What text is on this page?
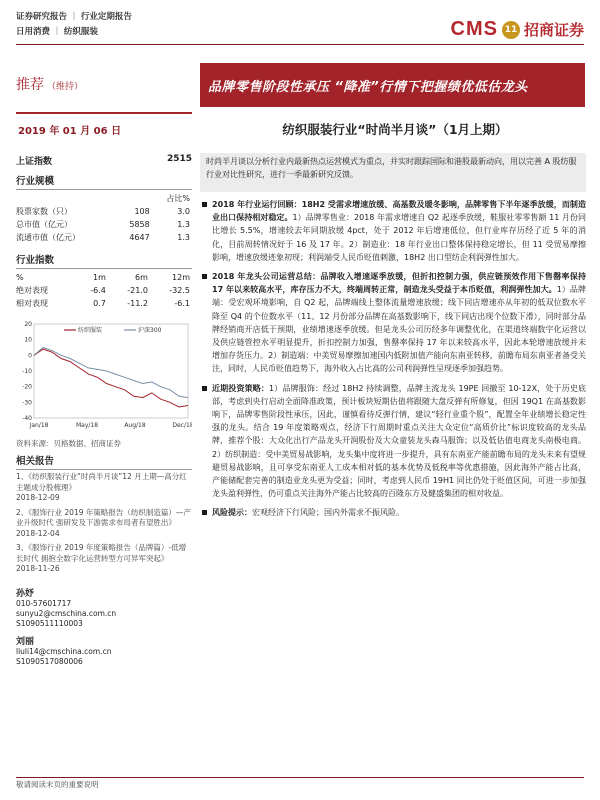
证券研究报告 ｜ 行业定期报告
日用消费 ｜ 纺织服装	CMS 11 招商证券
推荐 （维持）	品牌零售阶段性承压 “降准”行情下把握绩优低估龙头
2019 年 01 月 06 日	纺织服装行业“时尚半月谈”（1月上期）
上证指数	2515
行业规模
		占比%
股票家数（只）	108	3.0
总市值（亿元）	5858	1.3
流通市值（亿元）	4647	1.3
行业指数
%	1m	6m	12m
绝对表现	-6.4	-21.0	-32.5
相对表现	0.7	-11.2	-6.1
20
10
0
-10
-20
-30
-40
Jan/18	May/18	Aug/18	Dec/18
纺织服装	沪深300
资料来源：贝格数据、招商证券
相关报告
1、《纺织服装行业“时尚半月谈”12 月上期—高分红主题成分股梳理》
2018-12-09
2、《服饰行业 2019 年策略报告（纺织制造篇）—产业升级时代 强研发及下游需求布局者有望胜出》
2018-12-04
3、《服饰行业 2019 年度策略报告（品牌篇）-低增长时代 拥抱全数字化运营转型方可异军突起》
2018-11-26
孙妤
010-57601717
sunyu2@cmschina.com.cn
S1090511110003
刘丽
liuli14@cmschina.com.cn
S1090517080006
时尚半月谈以分析行业内最新热点运营模式为重点，并实时跟踪国际和港股最新动向，用以完善 A 股纺服行业对比性研究，进行一季最新研究反馈。
2018 年行业运行回顾：18H2 受需求增速放缓、高基数及暖冬影响，品牌零售下半年逐季放缓，而制造业出口保持相对稳定。1）品牌零售业：2018 年需求增速自 Q2 起逐季放缓，鞋服社零零售额 11 月份同比增长 5.5%，增速较去年同期放缓 4pct，处于 2012 年后增速低位，但行业库存历经了近 5 年的消化，目前周转情况好于 16 及 17 年。2）制造业：18 年行业出口整体保持稳定增长，但 11 受贸易摩擦影响，增速放缓迹象初现；利润端受人民币贬值刺激，18H2 出口型纺企利润弹性加大。
2018 年龙头公司运营总结：品牌收入增速逐季放缓，但折扣控制力强，供应链预效作用下售罄率保持 17 年以来较高水平，库存压力不大，终端周转正常，制造龙头受益于本币贬值，利润弹性加大。1）品牌端：受宏观环境影响，自 Q2 起，品牌端线上整体流量增速放缓；线下同店增速亦从年初的低双位数水平降至 Q4 的个位数水平（11、12 月份部分品牌在高基数影响下，线下同店出现个位数下滑），同时部分品牌经销商开店低于预期，业绩增速逐季放缓。但是龙头公司历经多年调整优化，在渠道终端数字化运营以及供应链管控水平明显提升，折扣控制力加强，售罄率保持 17 年以来较高水平，因此本轮增速放缓并未增加存货压力。2）制造端：中美贸易摩擦加速国内低附加值产能向东南亚转移，前瞻布局东南亚者备受关注，同时，人民币贬值趋势下，海外收入占比高的公司利润弹性呈现逐季加强趋势。
近期投资策略：1）品牌服饰：经过 18H2 持续调整，品牌主流龙头 19PE 回撤至 10-12X，处于历史底部，考虑到央行启动全面降准政策，预计板块短期估值将跟随大盘反弹有所修复，但因 19Q1 在高基数影响下，品牌零售阶段性承压，因此，谨慎看待反弹行情，建议“轻行业重个股”，配置全年业绩增长稳定性强的龙头。结合 19 年度策略观点，经济下行周期时重点关注大众定位“高质价比”标识度较高的龙头品牌，推荐个股：大众化出行产品龙头开润股份及大众童装龙头森马服饰；以及低估值电商龙头南极电商。2）纺织制造：受中美贸易战影响，龙头集中度将进一步提升，具有东南亚产能前瞻布局的龙头未来有望规避贸易战影响，且可享受东南亚人工成本相对低的基本优势及低税率等优惠措施，因此海外产能占比高，产能储配套完善的制造业龙头更为受益；同时，考虑到人民币 19H1 同比仍处于贬值区间，可进一步加强龙头盈利弹性，仍可重点关注海外产能占比较高的百隆东方及健盛集团的相对收益。
风险提示：宏观经济下行风险；国内外需求不振风险。
敬请阅读末页的重要说明
